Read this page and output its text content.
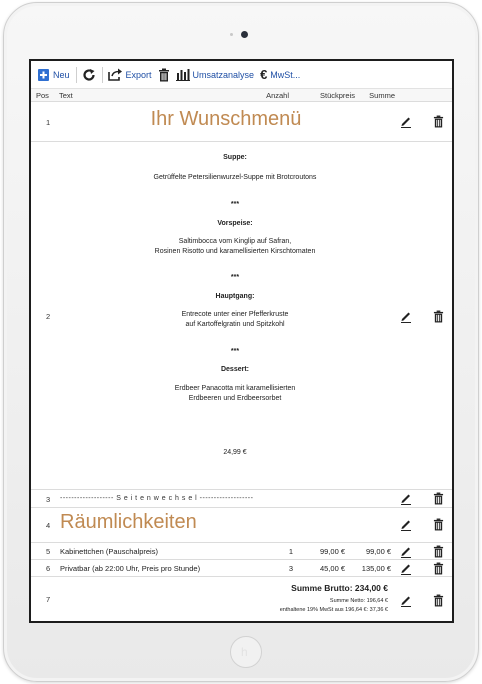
h
Neu	Export	Umsatzanalyse € MwSt...
Pos	Text	Anzahl	Stückpreis	Summe
1	Ihr Wunschmenü
2
Suppe:
Getrüffelte Petersilienwurzel-Suppe mit Brotcroutons
***
Vorspeise:
Saltimbocca vom Kinglip auf Safran,
Rosinen Risotto und karamellisierten Kirschtomaten
***
Hauptgang:
Entrecote unter einer Pfefferkruste
auf Kartoffelgratin und Spitzkohl
***
Dessert:
Erdbeer Panacotta mit karamellisierten
Erdbeeren und Erdbeersorbet
24,99 €
3 ------------------- S e i t e n w e c h s e l -------------------
4 Räumlichkeiten
5 Kabinettchen (Pauschalpreis)	1	99,00 €	99,00 €
6 Privatbar (ab 22:00 Uhr, Preis pro Stunde)	3	45,00 €	135,00 €
7
Summe Brutto: 234,00 €
Summe Netto: 196,64 €
enthaltene 19% MwSt aus 196,64 €: 37,36 €
